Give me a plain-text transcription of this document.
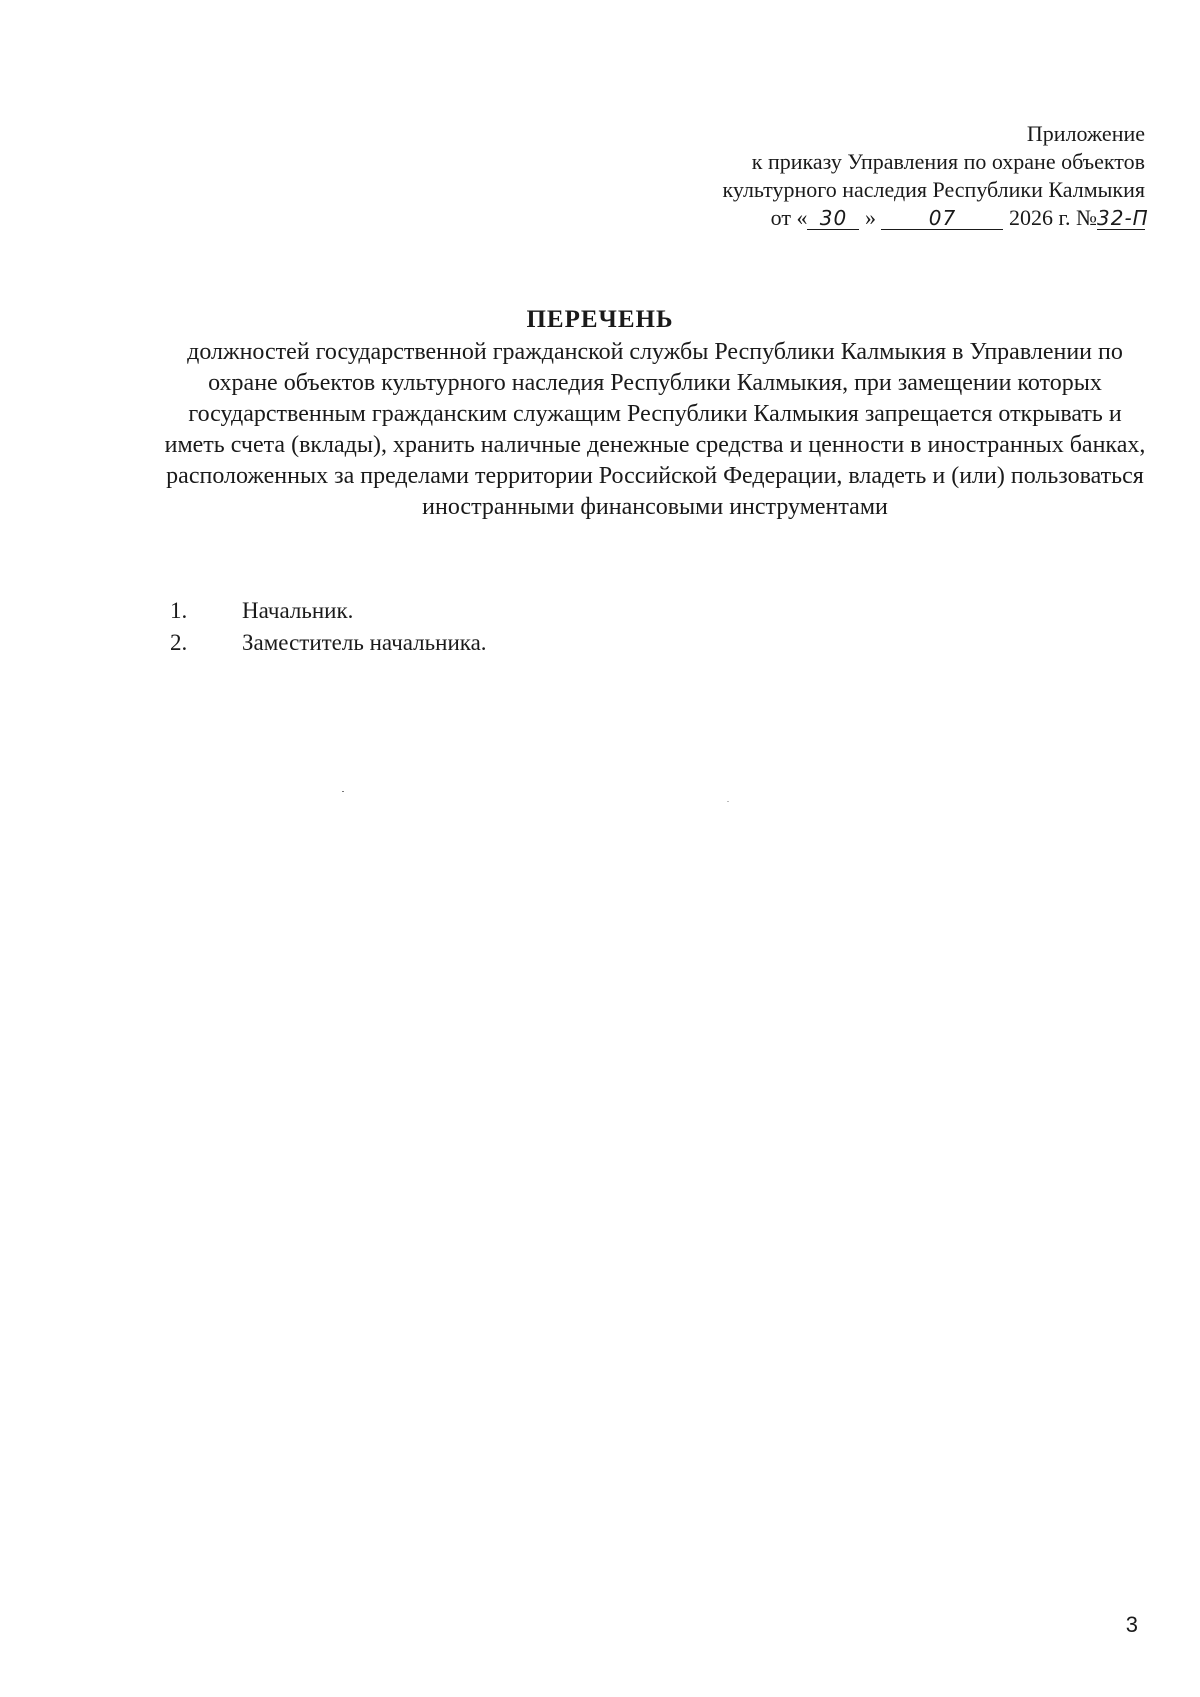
Приложение
к приказу Управления по охране объектов
культурного наследия Республики Калмыкия
от « 30 »	07 2026 г. №32-П
ПЕРЕЧЕНЬ
должностей государственной гражданской службы Республики Калмыкия в Управлении по охране объектов культурного наследия Республики Калмыкия, при замещении которых государственным гражданским служащим Республики Калмыкия запрещается открывать и иметь счета (вклады), хранить наличные денежные средства и ценности в иностранных банках, расположенных за пределами территории Российской Федерации, владеть и (или) пользоваться иностранными финансовыми инструментами
1.	Начальник.
2.	Заместитель начальника.
3
